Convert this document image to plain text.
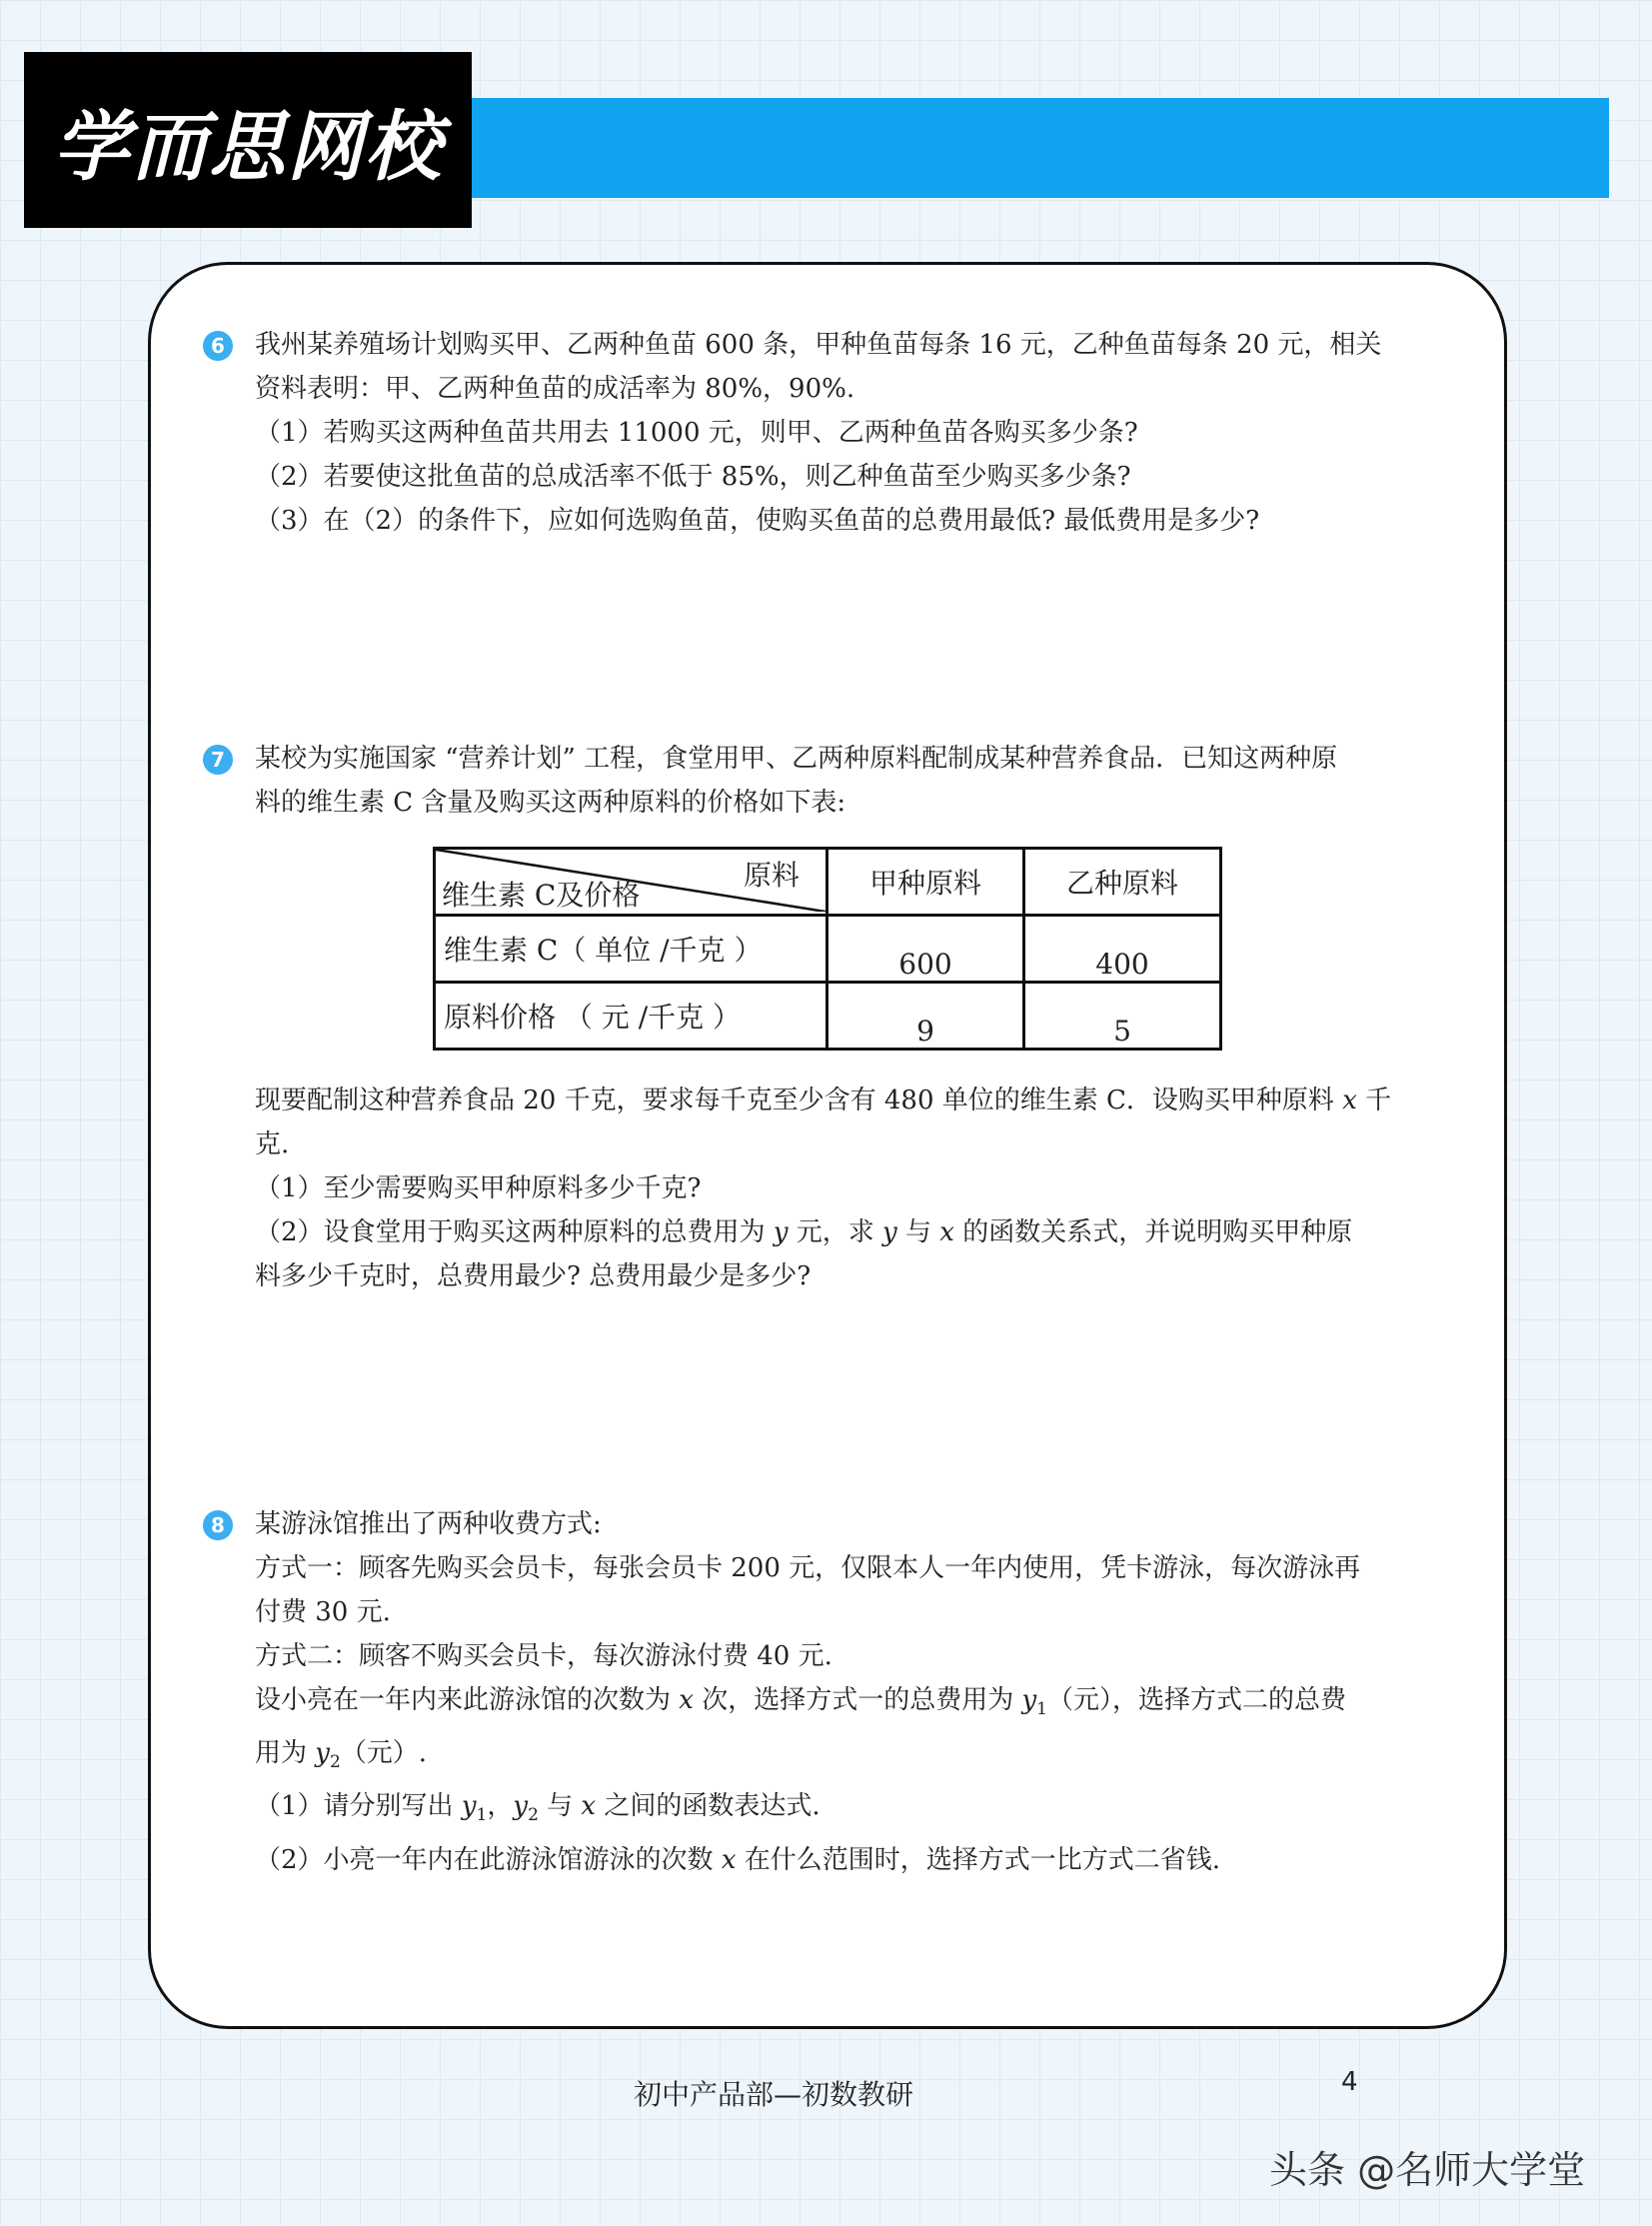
学而思网校
6	我州某养殖场计划购买甲、乙两种鱼苗 600 条，甲种鱼苗每条 16 元，乙种鱼苗每条 20 元，相关

资料表明：甲、乙两种鱼苗的成活率为 80%，90%.

（1）若购买这两种鱼苗共用去 11000 元，则甲、乙两种鱼苗各购买多少条?

（2）若要使这批鱼苗的总成活率不低于 85%，则乙种鱼苗至少购买多少条?

（3）在（2）的条件下，应如何选购鱼苗，使购买鱼苗的总费用最低? 最低费用是多少?

7	某校为实施国家 “营养计划” 工程，食堂用甲、乙两种原料配制成某种营养食品．已知这两种原

料的维生素 C 含量及购买这两种原料的价格如下表:

原料
维生素 C及价格	甲种原料	乙种原料
维生素 C（ 单位 /千克 ）	600	400
原料价格 （ 元 /千克 ）	9	5

现要配制这种营养食品 20 千克，要求每千克至少含有 480 单位的维生素 C．设购买甲种原料 x 千

克.

（1）至少需要购买甲种原料多少千克?

（2）设食堂用于购买这两种原料的总费用为 y 元，求 y 与 x 的函数关系式，并说明购买甲种原

料多少千克时，总费用最少? 总费用最少是多少?

8	某游泳馆推出了两种收费方式:

方式一：顾客先购买会员卡，每张会员卡 200 元，仅限本人一年内使用，凭卡游泳，每次游泳再

付费 30 元.

方式二：顾客不购买会员卡，每次游泳付费 40 元.

设小亮在一年内来此游泳馆的次数为 x 次，选择方式一的总费用为 $y_1$（元），选择方式二的总费

用为 $y_2$（元）.

（1）请分别写出 $y_1$，$y_2$ 与 x 之间的函数表达式.

（2）小亮一年内在此游泳馆游泳的次数 x 在什么范围时，选择方式一比方式二省钱.

初中产品部—初数教研	4
头条 @名师大学堂
